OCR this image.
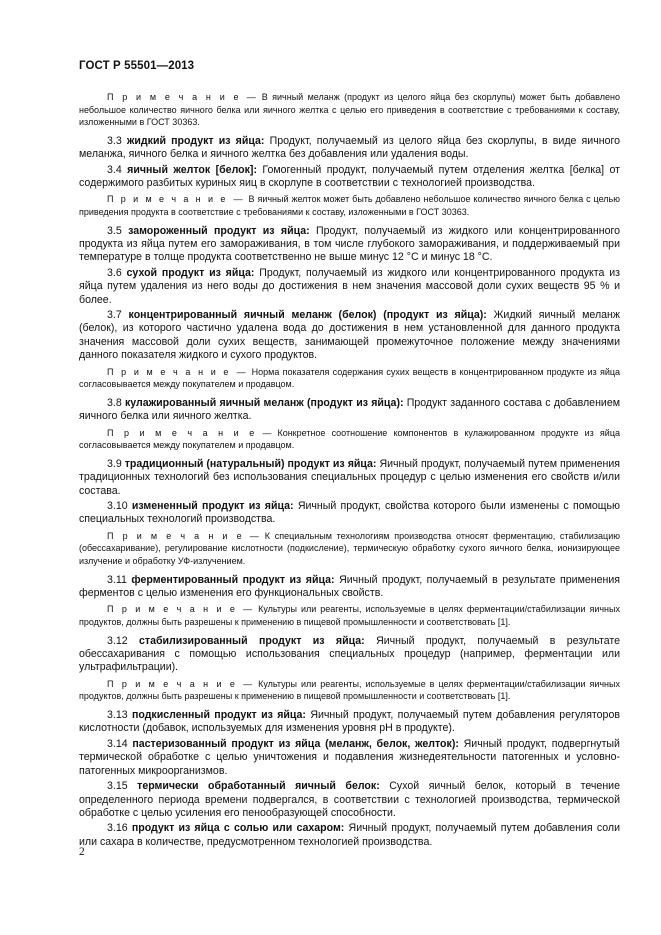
ГОСТ Р 55501—2013
П р и м е ч а н и е — В яичный меланж (продукт из целого яйца без скорлупы) может быть добавлено небольшое количество яичного белка или яичного желтка с целью его приведения в соответствие с требованиями к составу, изложенными в ГОСТ 30363.
3.3 жидкий продукт из яйца: Продукт, получаемый из целого яйца без скорлупы, в виде яичного меланжа, яичного белка и яичного желтка без добавления или удаления воды.
3.4 яичный желток [белок]: Гомогенный продукт, получаемый путем отделения желтка [белка] от содержимого разбитых куриных яиц в скорлупе в соответствии с технологией производства.
П р и м е ч а н и е — В яичный желток может быть добавлено небольшое количество яичного белка с целью приведения продукта в соответствие с требованиями к составу, изложенными в ГОСТ 30363.
3.5 замороженный продукт из яйца: Продукт, получаемый из жидкого или концентрированного продукта из яйца путем его замораживания, в том числе глубокого замораживания, и поддерживаемый при температуре в толще продукта соответственно не выше минус 12 °С и минус 18 °С.
3.6 сухой продукт из яйца: Продукт, получаемый из жидкого или концентрированного продукта из яйца путем удаления из него воды до достижения в нем значения массовой доли сухих веществ 95 % и более.
3.7 концентрированный яичный меланж (белок) (продукт из яйца): Жидкий яичный меланж (белок), из которого частично удалена вода до достижения в нем установленной для данного продукта значения массовой доли сухих веществ, занимающей промежуточное положение между значениями данного показателя жидкого и сухого продуктов.
П р и м е ч а н и е — Норма показателя содержания сухих веществ в концентрированном продукте из яйца согласовывается между покупателем и продавцом.
3.8 кулажированный яичный меланж (продукт из яйца): Продукт заданного состава с добавлением яичного белка или яичного желтка.
П р и м е ч а н и е — Конкретное соотношение компонентов в кулажированном продукте из яйца согласовывается между покупателем и продавцом.
3.9 традиционный (натуральный) продукт из яйца: Яичный продукт, получаемый путем применения традиционных технологий без использования специальных процедур с целью изменения его свойств и/или состава.
3.10 измененный продукт из яйца: Яичный продукт, свойства которого были изменены с помощью специальных технологий производства.
П р и м е ч а н и е — К специальным технологиям производства относят ферментацию, стабилизацию (обессахаривание), регулирование кислотности (подкисление), термическую обработку сухого яичного белка, ионизирующее излучение и обработку УФ-излучением.
3.11 ферментированный продукт из яйца: Яичный продукт, получаемый в результате применения ферментов с целью изменения его функциональных свойств.
П р и м е ч а н и е — Культуры или реагенты, используемые в целях ферментации/стабилизации яичных продуктов, должны быть разрешены к применению в пищевой промышленности и соответствовать [1].
3.12 стабилизированный продукт из яйца: Яичный продукт, получаемый в результате обессахаривания с помощью использования специальных процедур (например, ферментации или ультрафильтрации).
П р и м е ч а н и е — Культуры или реагенты, используемые в целях ферментации/стабилизации яичных продуктов, должны быть разрешены к применению в пищевой промышленности и соответствовать [1].
3.13 подкисленный продукт из яйца: Яичный продукт, получаемый путем добавления регуляторов кислотности (добавок, используемых для изменения уровня pH в продукте).
3.14 пастеризованный продукт из яйца (меланж, белок, желток): Яичный продукт, подвергнутый термической обработке с целью уничтожения и подавления жизнедеятельности патогенных и условно-патогенных микроорганизмов.
3.15 термически обработанный яичный белок: Сухой яичный белок, который в течение определенного периода времени подвергался, в соответствии с технологией производства, термической обработке с целью усиления его пенообразующей способности.
3.16 продукт из яйца с солью или сахаром: Яичный продукт, получаемый путем добавления соли или сахара в количестве, предусмотренном технологией производства.
2
